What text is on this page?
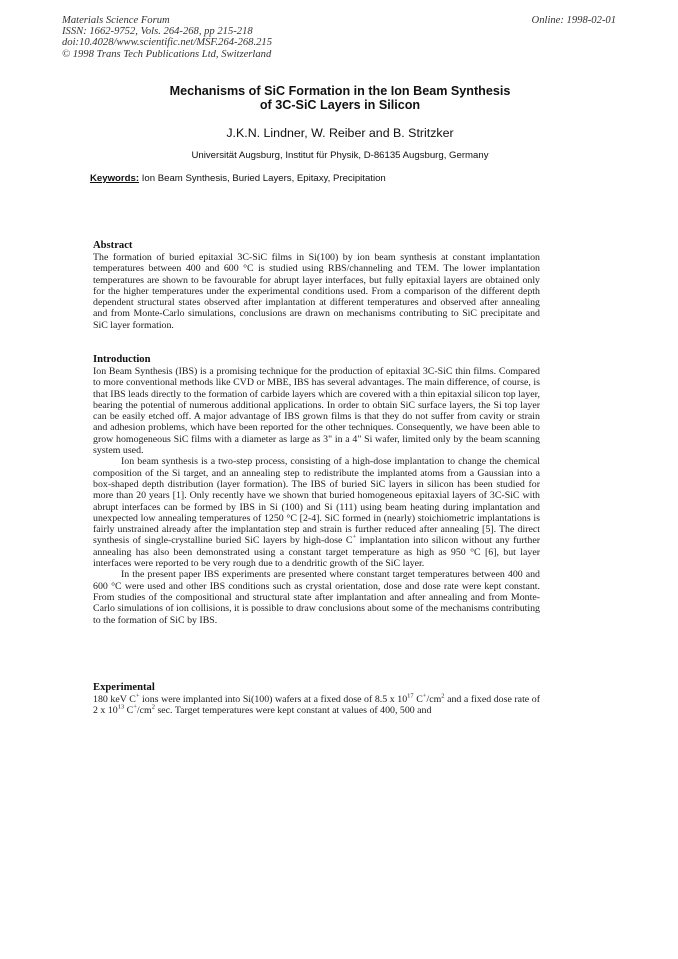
Materials Science Forum
ISSN: 1662-9752, Vols. 264-268, pp 215-218
doi:10.4028/www.scientific.net/MSF.264-268.215
© 1998 Trans Tech Publications Ltd, Switzerland
Online: 1998-02-01
Mechanisms of SiC Formation in the Ion Beam Synthesis
of 3C-SiC Layers in Silicon
J.K.N. Lindner, W. Reiber and B. Stritzker
Universität Augsburg, Institut für Physik, D-86135 Augsburg, Germany
Keywords: Ion Beam Synthesis, Buried Layers, Epitaxy, Precipitation
Abstract

The formation of buried epitaxial 3C-SiC films in Si(100) by ion beam synthesis at constant implantation temperatures between 400 and 600 °C is studied using RBS/channeling and TEM. The lower implantation temperatures are shown to be favourable for abrupt layer interfaces, but fully epitaxial layers are obtained only for the higher temperatures under the experimental conditions used. From a comparison of the different depth dependent structural states observed after implantation at different temperatures and observed after annealing and from Monte-Carlo simulations, conclusions are drawn on mechanisms contributing to SiC precipitate and SiC layer formation.

Introduction

Ion Beam Synthesis (IBS) is a promising technique for the production of epitaxial 3C-SiC thin films. Compared to more conventional methods like CVD or MBE, IBS has several advantages. The main difference, of course, is that IBS leads directly to the formation of carbide layers which are covered with a thin epitaxial silicon top layer, bearing the potential of numerous additional applications. In order to obtain SiC surface layers, the Si top layer can be easily etched off. A major advantage of IBS grown films is that they do not suffer from cavity or strain and adhesion problems, which have been reported for the other techniques. Consequently, we have been able to grow homogeneous SiC films with a diameter as large as 3" in a 4" Si wafer, limited only by the beam scanning system used.

Ion beam synthesis is a two-step process, consisting of a high-dose implantation to change the chemical composition of the Si target, and an annealing step to redistribute the implanted atoms from a Gaussian into a box-shaped depth distribution (layer formation). The IBS of buried SiC layers in silicon has been studied for more than 20 years [1]. Only recently have we shown that buried homogeneous epitaxial layers of 3C-SiC with abrupt interfaces can be formed by IBS in Si (100) and Si (111) using beam heating during implantation and unexpected low annealing temperatures of 1250 °C [2-4]. SiC formed in (nearly) stoichiometric implantations is fairly unstrained already after the implantation step and strain is further reduced after annealing [5]. The direct synthesis of single-crystalline buried SiC layers by high-dose C+ implantation into silicon without any further annealing has also been demonstrated using a constant target temperature as high as 950 °C [6], but layer interfaces were reported to be very rough due to a dendritic growth of the SiC layer.

In the present paper IBS experiments are presented where constant target temperatures between 400 and 600 °C were used and other IBS conditions such as crystal orientation, dose and dose rate were kept constant. From studies of the compositional and structural state after implantation and after annealing and from Monte-Carlo simulations of ion collisions, it is possible to draw conclusions about some of the mechanisms contributing to the formation of SiC by IBS.

Experimental

180 keV C+ ions were implanted into Si(100) wafers at a fixed dose of 8.5 x $10^{17}$ $C^+/cm^2$ and a fixed dose rate of 2 x $10^{13}$ $C^+/cm^2$ sec. Target temperatures were kept constant at values of 400, 500 and
